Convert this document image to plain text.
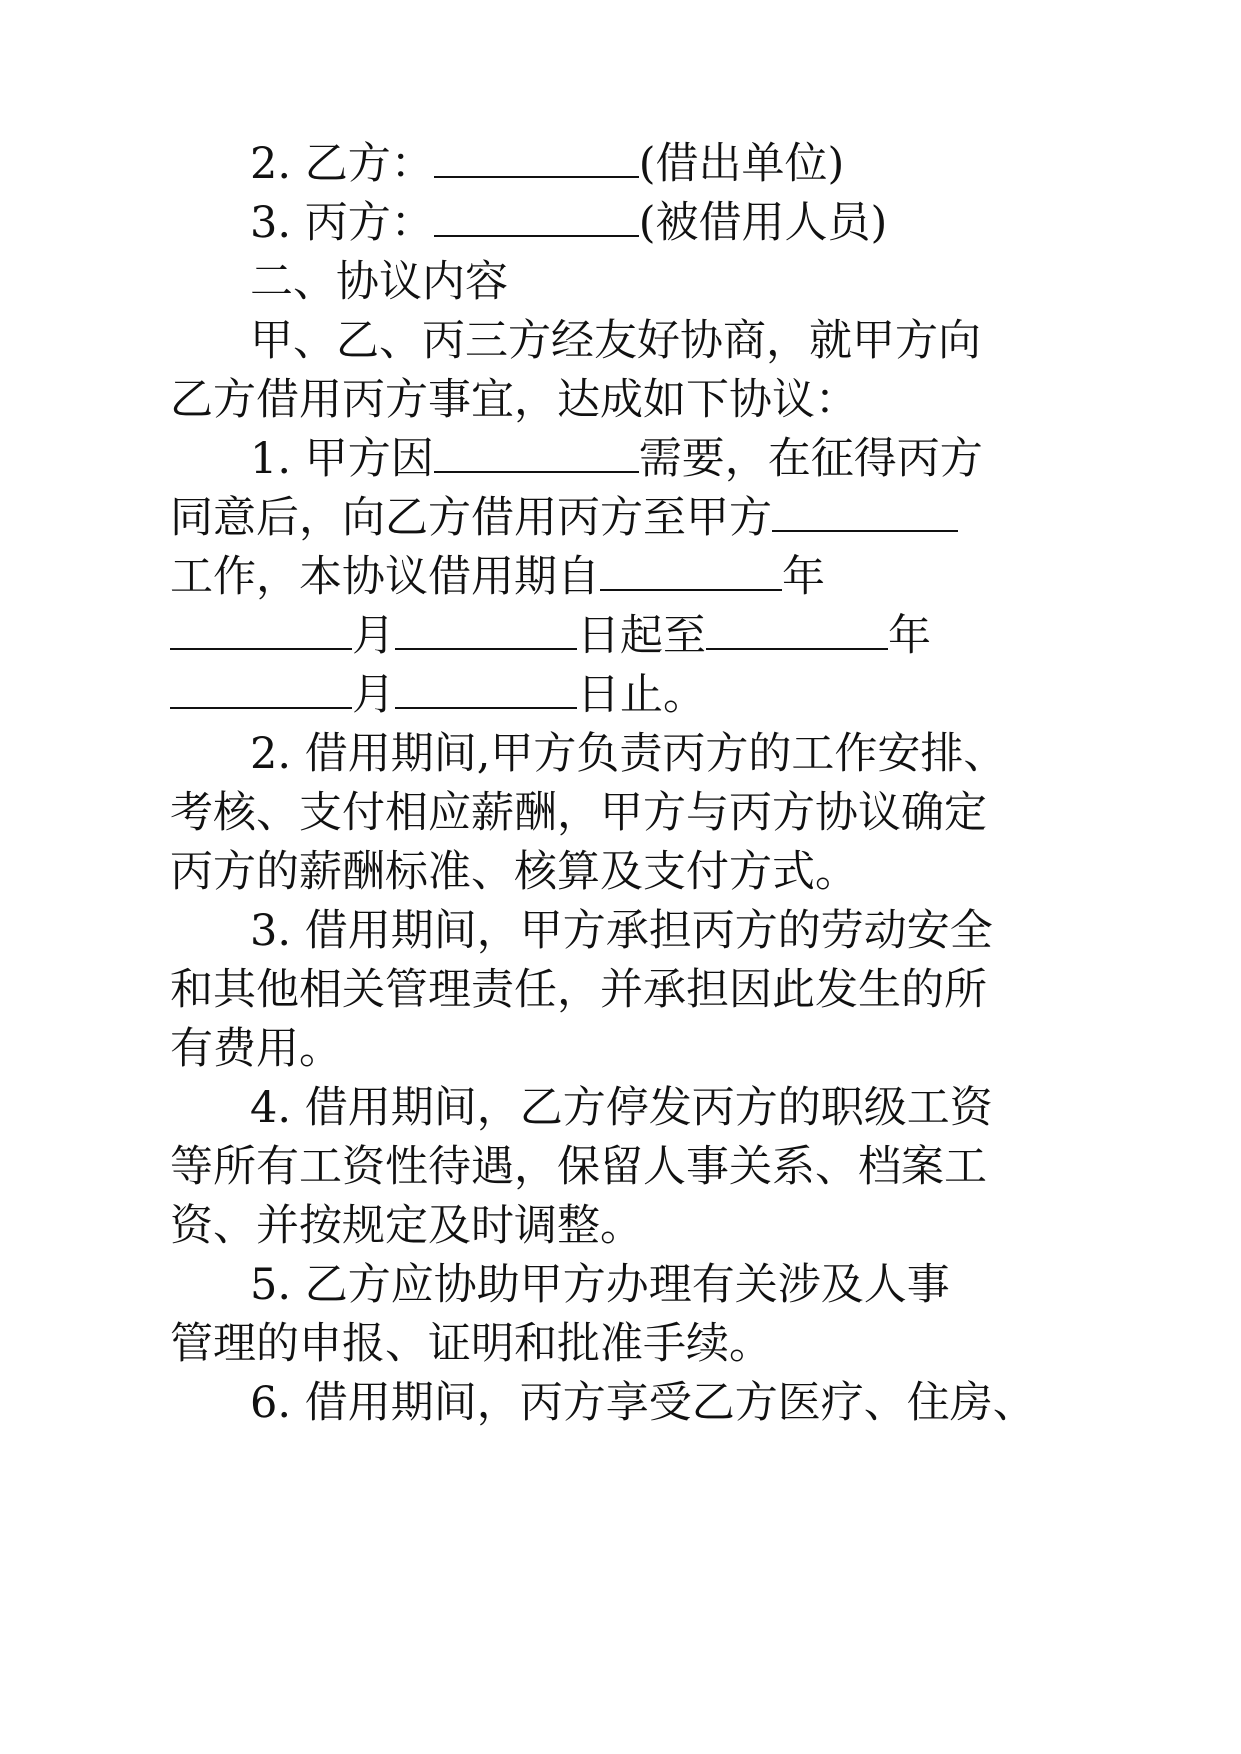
2. 乙方：	(借出单位)
3. 丙方：	(被借用人员)
二、协议内容
甲、乙、丙三方经友好协商，就甲方向
乙方借用丙方事宜，达成如下协议：
1. 甲方因	需要，在征得丙方
同意后，向乙方借用丙方至甲方
工作，本协议借用期自	年
月	日起至	年
月	日止。
2. 借用期间,甲方负责丙方的工作安排、
考核、支付相应薪酬，甲方与丙方协议确定
丙方的薪酬标准、核算及支付方式。
3. 借用期间，甲方承担丙方的劳动安全
和其他相关管理责任，并承担因此发生的所
有费用。
4. 借用期间，乙方停发丙方的职级工资
等所有工资性待遇，保留人事关系、档案工
资、并按规定及时调整。
5. 乙方应协助甲方办理有关涉及人事
管理的申报、证明和批准手续。
6. 借用期间，丙方享受乙方医疗、住房、
